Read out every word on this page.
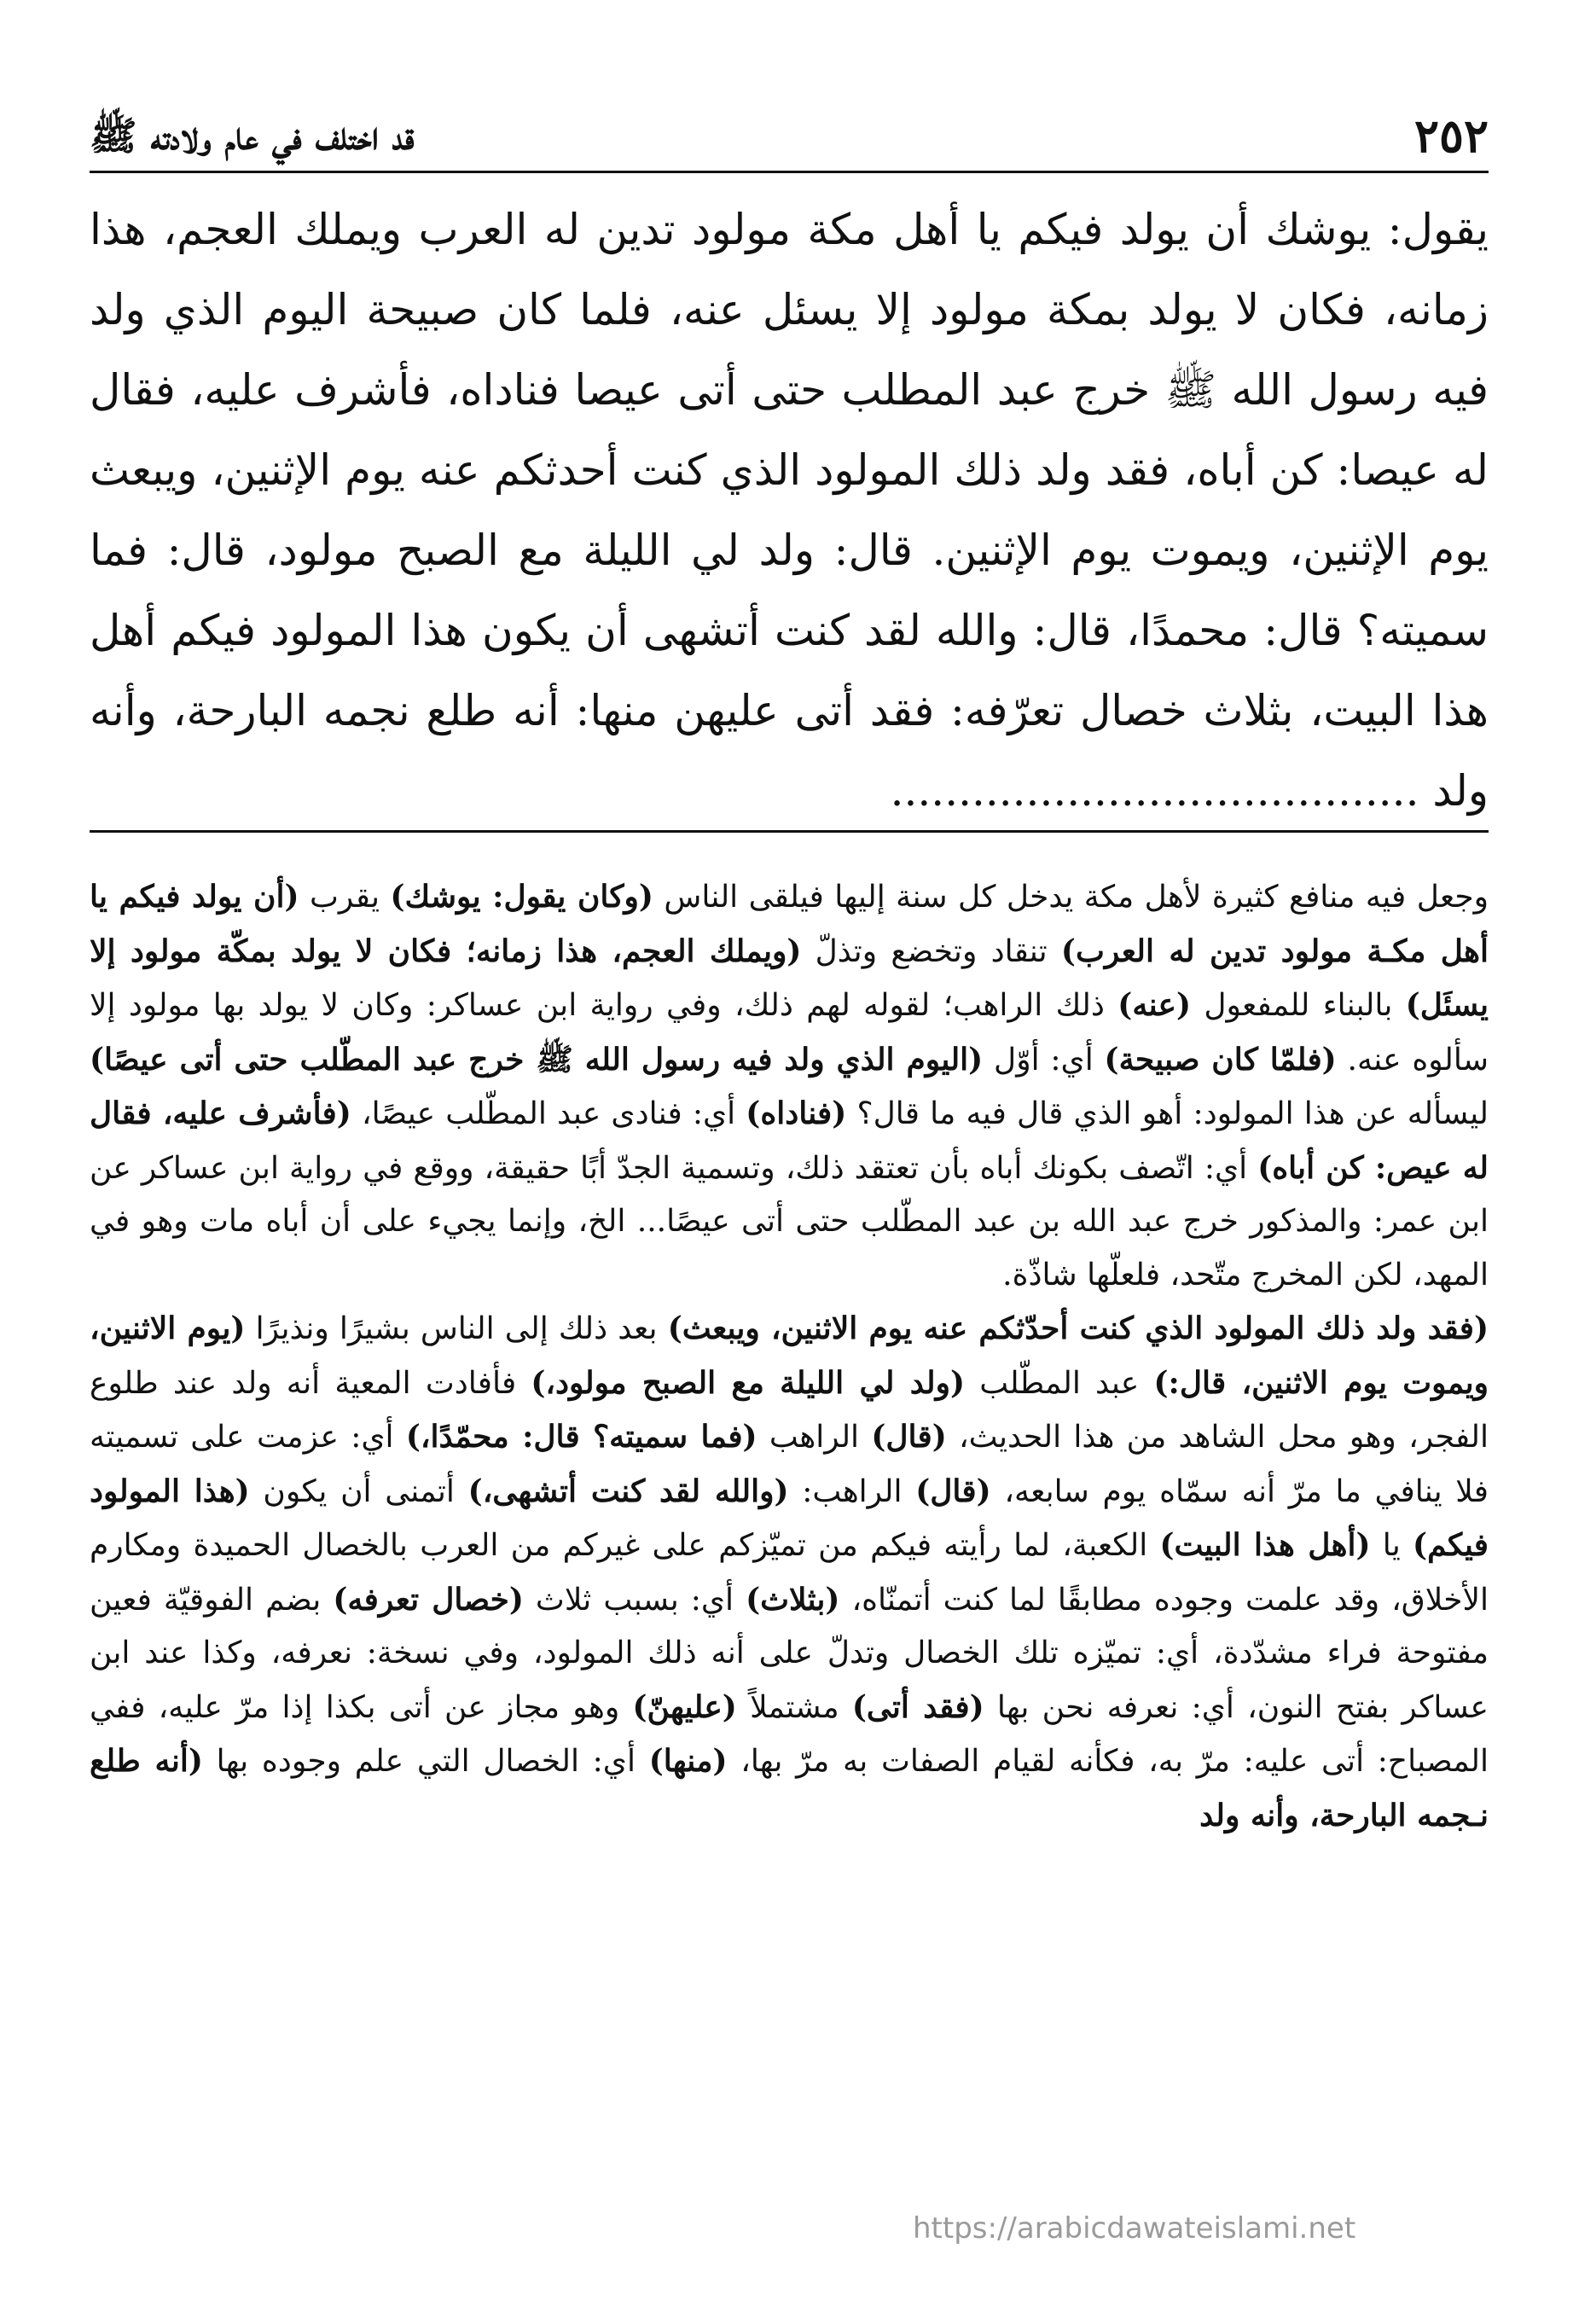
٢٥٢
قد اختلف في عام ولادته ﷺ

يقول: يوشك أن يولد فيكم يا أهل مكة مولود تدين له العرب ويملك العجم، هذا زمانه، فكان لا يولد بمكة مولود إلا يسئل عنه، فلما كان صبيحة اليوم الذي ولد فيه رسول الله ﷺ خرج عبد المطلب حتى أتى عيصا فناداه، فأشرف عليه، فقال له عيصا: كن أباه، فقد ولد ذلك المولود الذي كنت أحدثكم عنه يوم الإثنين، ويبعث يوم الإثنين، ويموت يوم الإثنين. قال: ولد لي الليلة مع الصبح مولود، قال: فما سميته؟ قال: محمدًا، قال: والله لقد كنت أتشهى أن يكون هذا المولود فيكم أهل هذا البيت، بثلاث خصال تعرّفه: فقد أتى عليهن منها: أنه طلع نجمه البارحة، وأنه ولد .......................................

وجعل فيه منافع كثيرة لأهل مكة يدخل كل سنة إليها فيلقى الناس (وكان يقول: يوشك) يقرب (أن يولد فيكم يا أهل مكـة مولود تدين له العرب) تنقاد وتخضع وتذلّ (ويملك العجم، هذا زمانه؛ فكان لا يولد بمكّة مولود إلا يسئَل) بالبناء للمفعول (عنه) ذلك الراهب؛ لقوله لهم ذلك، وفي رواية ابن عساكر: وكان لا يولد بها مولود إلا سألوه عنه. (فلمّا كان صبيحة) أي: أوّل (اليوم الذي ولد فيه رسول الله ﷺ خرج عبد المطّلب حتى أتى عيصًا) ليسأله عن هذا المولود: أهو الذي قال فيه ما قال؟ (فناداه) أي: فنادى عبد المطّلب عيصًا، (فأشرف عليه، فقال له عيص: كن أباه) أي: اتّصف بكونك أباه بأن تعتقد ذلك، وتسمية الجدّ أبًا حقيقة، ووقع في رواية ابن عساكر عن ابن عمر: والمذكور خرج عبد الله بن عبد المطّلب حتى أتى عيصًا... الخ، وإنما يجيء على أن أباه مات وهو في المهد، لكن المخرج متّحد، فلعلّها شاذّة.

(فقد ولد ذلك المولود الذي كنت أحدّثكم عنه يوم الاثنين، ويبعث) بعد ذلك إلى الناس بشيرًا ونذيرًا (يوم الاثنين، ويموت يوم الاثنين، قال:) عبد المطّلب (ولد لي الليلة مع الصبح مولود،) فأفادت المعية أنه ولد عند طلوع الفجر، وهو محل الشاهد من هذا الحديث، (قال) الراهب (فما سميته؟ قال: محمّدًا،) أي: عزمت على تسميته فلا ينافي ما مرّ أنه سمّاه يوم سابعه، (قال) الراهب: (والله لقد كنت أتشهى،) أتمنى أن يكون (هذا المولود فيكم) يا (أهل هذا البيت) الكعبة، لما رأيته فيكم من تميّزكم على غيركم من العرب بالخصال الحميدة ومكارم الأخلاق، وقد علمت وجوده مطابقًا لما كنت أتمنّاه، (بثلاث) أي: بسبب ثلاث (خصال تعرفه) بضم الفوقيّة فعين مفتوحة فراء مشدّدة، أي: تميّزه تلك الخصال وتدلّ على أنه ذلك المولود، وفي نسخة: نعرفه، وكذا عند ابن عساكر بفتح النون، أي: نعرفه نحن بها (فقد أتى) مشتملاً (عليهنّ) وهو مجاز عن أتى بكذا إذا مرّ عليه، ففي المصباح: أتى عليه: مرّ به، فكأنه لقيام الصفات به مرّ بها، (منها) أي: الخصال التي علم وجوده بها (أنه طلع نـجمه البارحة، وأنه ولد

https://arabicdawateislami.net
